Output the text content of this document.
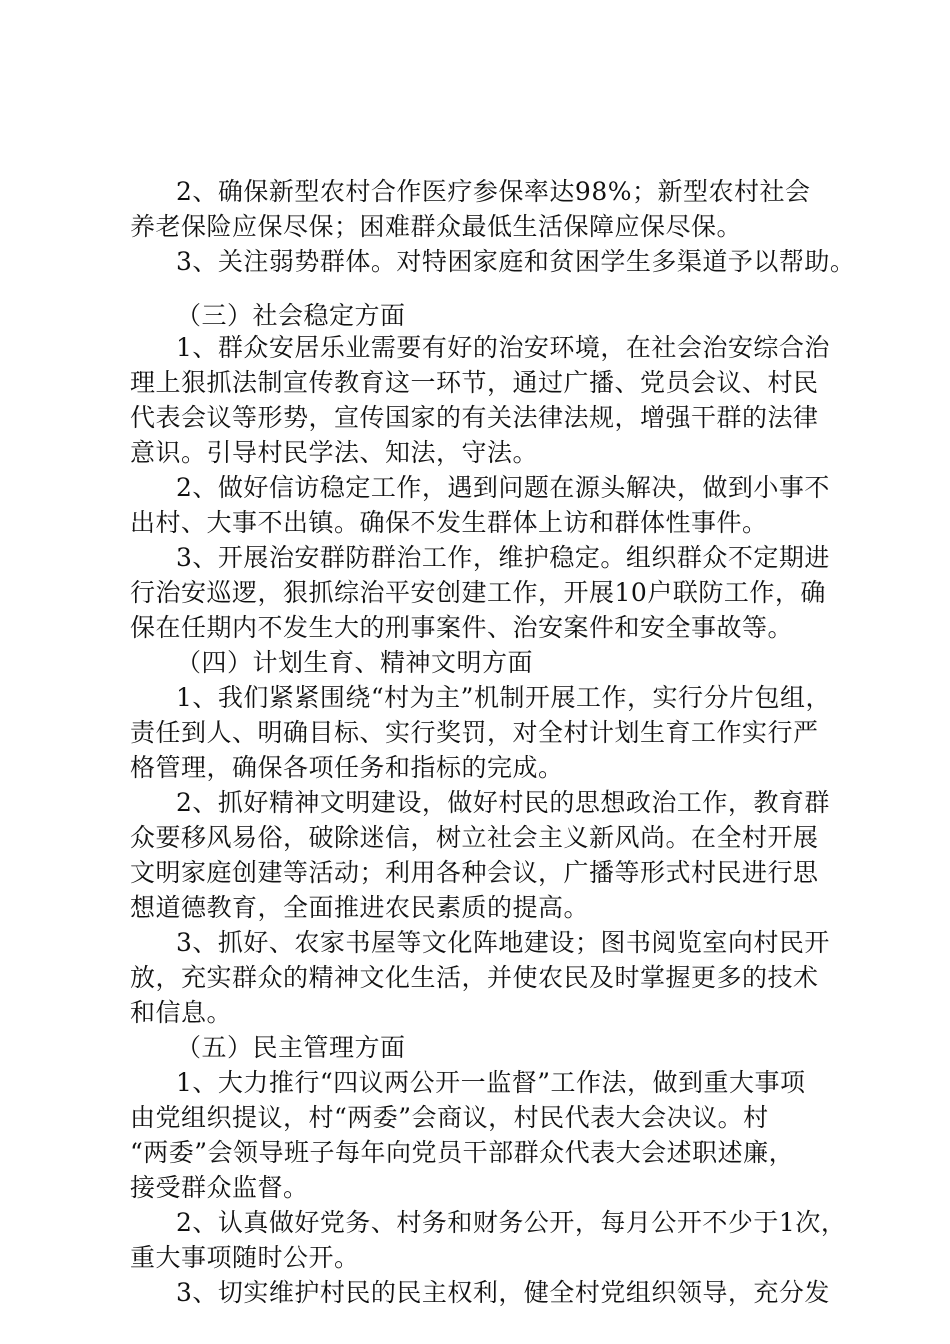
2、确保新型农村合作医疗参保率达98%；新型农村社会
养老保险应保尽保；困难群众最低生活保障应保尽保。
3、关注弱势群体。对特困家庭和贫困学生多渠道予以帮助。
（三）社会稳定方面
1、群众安居乐业需要有好的治安环境，在社会治安综合治
理上狠抓法制宣传教育这一环节，通过广播、党员会议、村民
代表会议等形势，宣传国家的有关法律法规，增强干群的法律
意识。引导村民学法、知法，守法。
2、做好信访稳定工作，遇到问题在源头解决，做到小事不
出村、大事不出镇。确保不发生群体上访和群体性事件。
3、开展治安群防群治工作，维护稳定。组织群众不定期进
行治安巡逻，狠抓综治平安创建工作，开展10户联防工作，确
保在任期内不发生大的刑事案件、治安案件和安全事故等。
（四）计划生育、精神文明方面
1、我们紧紧围绕“村为主”机制开展工作，实行分片包组，
责任到人、明确目标、实行奖罚，对全村计划生育工作实行严
格管理，确保各项任务和指标的完成。
2、抓好精神文明建设，做好村民的思想政治工作，教育群
众要移风易俗，破除迷信，树立社会主义新风尚。在全村开展
文明家庭创建等活动；利用各种会议，广播等形式村民进行思
想道德教育，全面推进农民素质的提高。
3、抓好、农家书屋等文化阵地建设；图书阅览室向村民开
放，充实群众的精神文化生活，并使农民及时掌握更多的技术
和信息。
（五）民主管理方面
1、大力推行“四议两公开一监督”工作法，做到重大事项
由党组织提议，村“两委”会商议，村民代表大会决议。村
“两委”会领导班子每年向党员干部群众代表大会述职述廉，
接受群众监督。
2、认真做好党务、村务和财务公开，每月公开不少于1次，
重大事项随时公开。
3、切实维护村民的民主权利，健全村党组织领导，充分发
